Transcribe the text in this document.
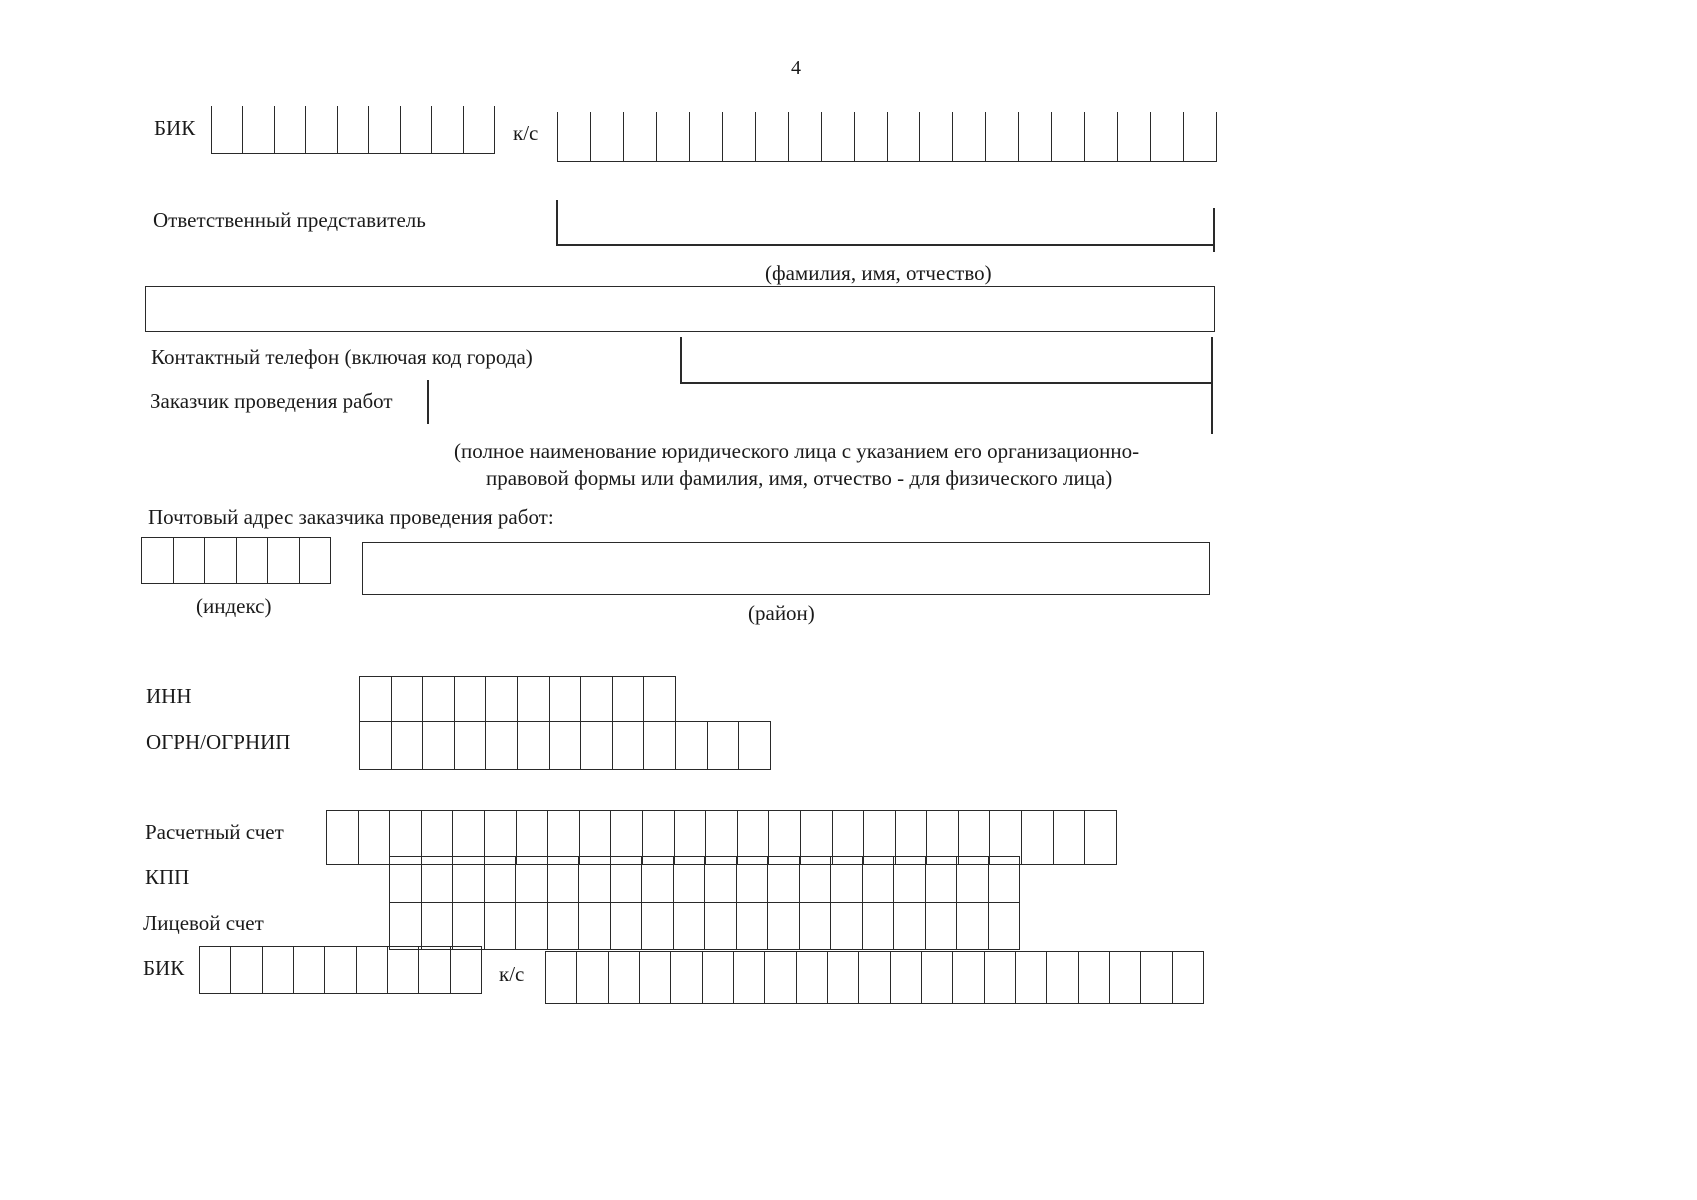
4
БИК	к/с
Ответственный представитель
(фамилия, имя, отчество)
Контактный телефон (включая код города)
Заказчик проведения работ
(полное наименование юридического лица с указанием его организационно-
правовой формы или фамилия, имя, отчество - для физического лица)
Почтовый адрес заказчика проведения работ:
(индекс)	(район)
ИНН
ОГРН/ОГРНИП
Расчетный счет
КПП
Лицевой счет
БИК	к/с
